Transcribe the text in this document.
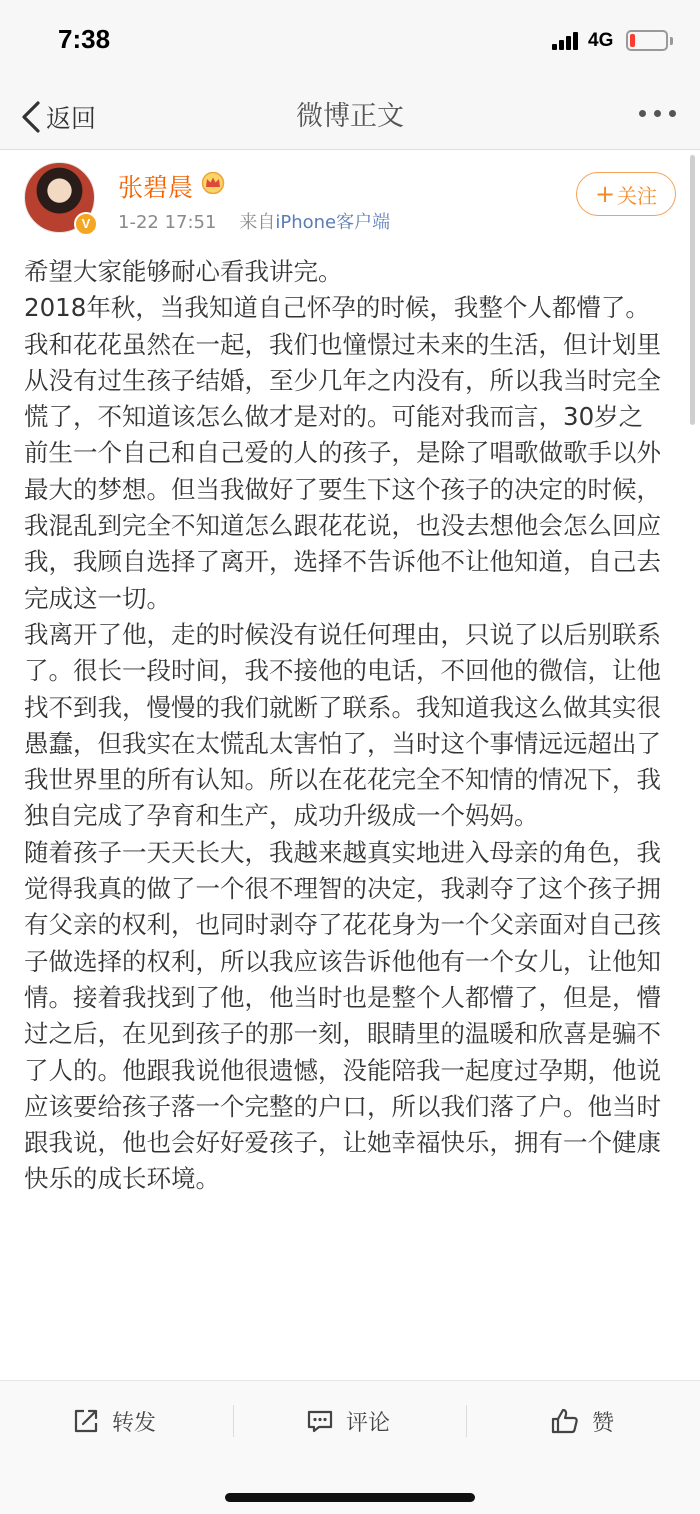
7:38	4G
返回	微博正文
V
张碧晨
1-22 17:51 来自iPhone客户端
+ 关注

希望大家能够耐心看我讲完。

2018年秋，当我知道自己怀孕的时候，我整个人都懵了。我和花花虽然在一起，我们也憧憬过未来的生活，但计划里从没有过生孩子结婚，至少几年之内没有，所以我当时完全慌了，不知道该怎么做才是对的。可能对我而言，30岁之前生一个自己和自己爱的人的孩子，是除了唱歌做歌手以外最大的梦想。但当我做好了要生下这个孩子的决定的时候，我混乱到完全不知道怎么跟花花说，也没去想他会怎么回应我，我顾自选择了离开，选择不告诉他不让他知道，自己去完成这一切。

我离开了他，走的时候没有说任何理由，只说了以后别联系了。很长一段时间，我不接他的电话，不回他的微信，让他找不到我，慢慢的我们就断了联系。我知道我这么做其实很愚蠢，但我实在太慌乱太害怕了，当时这个事情远远超出了我世界里的所有认知。所以在花花完全不知情的情况下，我独自完成了孕育和生产，成功升级成一个妈妈。

随着孩子一天天长大，我越来越真实地进入母亲的角色，我觉得我真的做了一个很不理智的决定，我剥夺了这个孩子拥有父亲的权利，也同时剥夺了花花身为一个父亲面对自己孩子做选择的权利，所以我应该告诉他他有一个女儿，让他知情。接着我找到了他，他当时也是整个人都懵了，但是，懵过之后，在见到孩子的那一刻，眼睛里的温暖和欣喜是骗不了人的。他跟我说他很遗憾，没能陪我一起度过孕期，他说应该要给孩子落一个完整的户口，所以我们落了户。他当时跟我说，他也会好好爱孩子，让她幸福快乐，拥有一个健康快乐的成长环境。

转发	评论	赞
